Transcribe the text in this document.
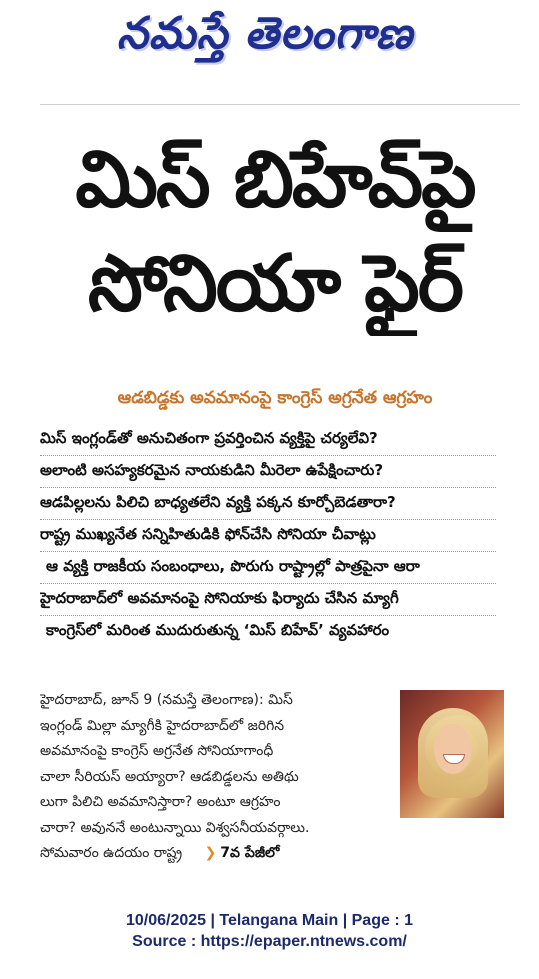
నమస్తే తెలంగాణ
మిస్ బిహేవ్‌పై
సోనియా ఫైర్
ఆడబిడ్డకు అవమానంపై కాంగ్రెస్ అగ్రనేత ఆగ్రహం
మిస్ ఇంగ్లండ్‌తో అనుచితంగా ప్రవర్తించిన వ్యక్తిపై చర్యలేవి?
అలాంటి అసహ్యకరమైన నాయకుడిని మీరెలా ఉపేక్షించారు?
ఆడపిల్లలను పిలిచి బాధ్యతలేని వ్యక్తి పక్కన కూర్చోబెడతారా?
రాష్ట్ర ముఖ్యనేత సన్నిహితుడికి ఫోన్‌చేసి సోనియా చీవాట్లు
ఆ వ్యక్తి రాజకీయ సంబంధాలు, పొరుగు రాష్ట్రాల్లో పాత్రపైనా ఆరా
హైదరాబాద్‌లో అవమానంపై సోనియాకు ఫిర్యాదు చేసిన మ్యాగీ
కాంగ్రెస్‌లో మరింత ముదురుతున్న ‘మిస్ బిహేవ్’ వ్యవహారం
హైదరాబాద్, జూన్ 9 (నమస్తే తెలంగాణ): మిస్
ఇంగ్లండ్ మిల్లా మ్యాగీకి హైదరాబాద్‌లో జరిగిన
అవమానంపై కాంగ్రెస్ అగ్రనేత సోనియాగాంధీ
చాలా సీరియస్ అయ్యారా? ఆడబిడ్డలను అతిథు
లుగా పిలిచి అవమానిస్తారా? అంటూ ఆగ్రహం
చారా? అవుననే అంటున్నాయి విశ్వసనీయవర్గాలు.
సోమవారం ఉదయం రాష్ట్ర ❯ 7వ పేజీలో
10/06/2025 | Telangana Main | Page : 1
Source : https://epaper.ntnews.com/
